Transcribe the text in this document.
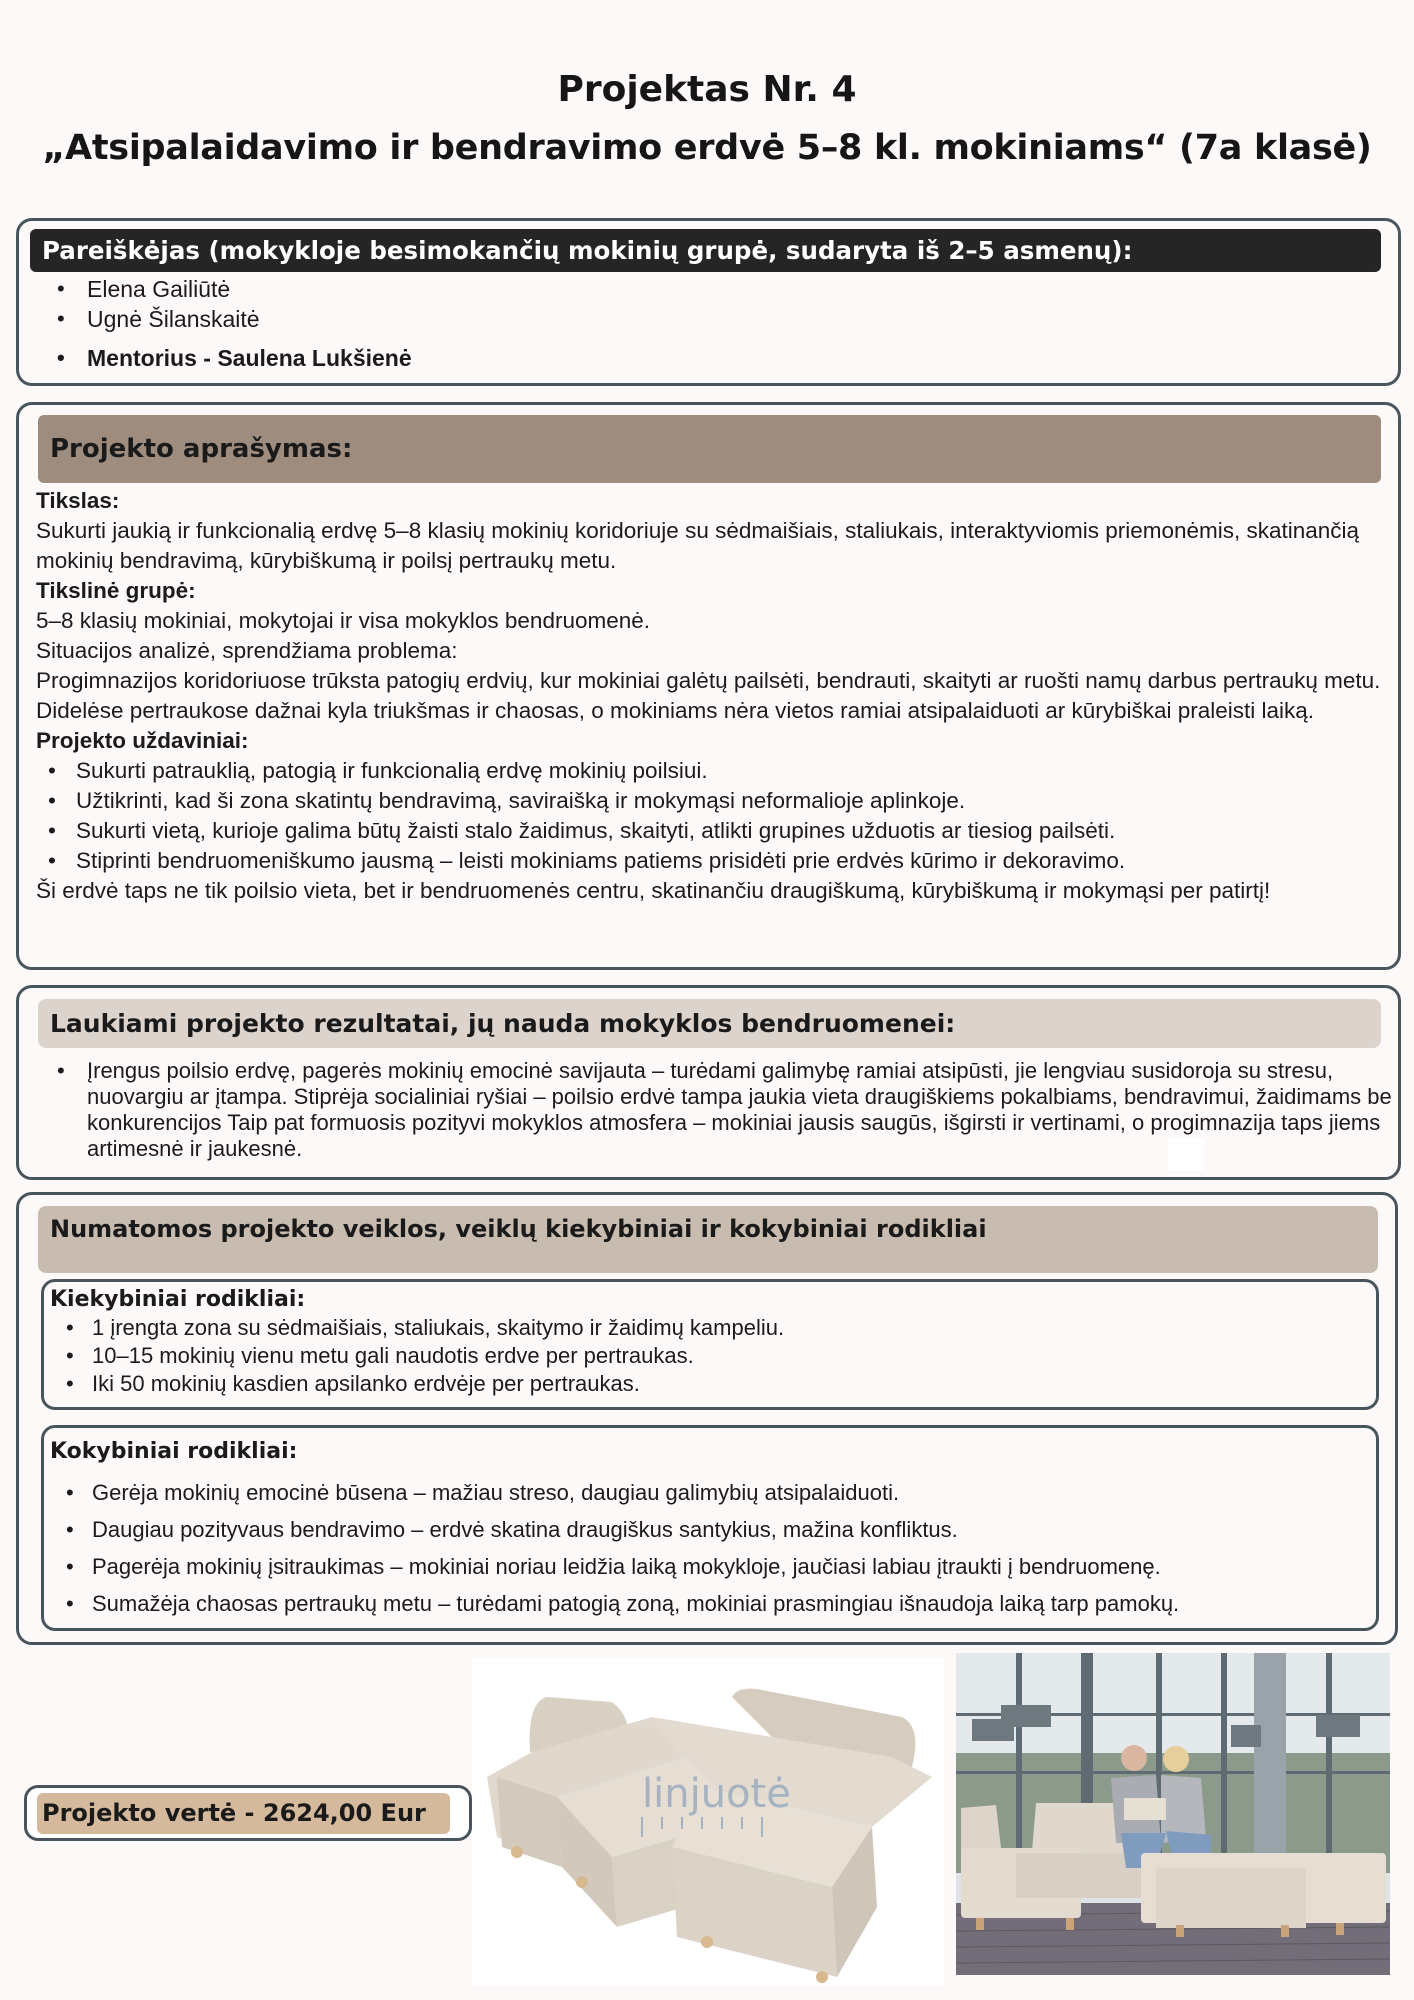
Projektas Nr. 4
„Atsipalaidavimo ir bendravimo erdvė 5–8 kl. mokiniams“ (7a klasė)
Pareiškėjas (mokykloje besimokančių mokinių grupė, sudaryta iš 2–5 asmenų):
• Elena Gailiūtė
• Ugnė Šilanskaitė
• Mentorius - Saulena Lukšienė
Projekto aprašymas:
Tikslas:
Sukurti jaukią ir funkcionalią erdvę 5–8 klasių mokinių koridoriuje su sėdmaišiais, staliukais, interaktyviomis priemonėmis, skatinančią mokinių bendravimą, kūrybiškumą ir poilsį pertraukų metu.
Tikslinė grupė:
5–8 klasių mokiniai, mokytojai ir visa mokyklos bendruomenė.
Situacijos analizė, sprendžiama problema:
Progimnazijos koridoriuose trūksta patogių erdvių, kur mokiniai galėtų pailsėti, bendrauti, skaityti ar ruošti namų darbus pertraukų metu. Didelėse pertraukose dažnai kyla triukšmas ir chaosas, o mokiniams nėra vietos ramiai atsipalaiduoti ar kūrybiškai praleisti laiką.
Projekto uždaviniai:
• Sukurti patrauklią, patogią ir funkcionalią erdvę mokinių poilsiui.
• Užtikrinti, kad ši zona skatintų bendravimą, saviraišką ir mokymąsi neformalioje aplinkoje.
• Sukurti vietą, kurioje galima būtų žaisti stalo žaidimus, skaityti, atlikti grupines užduotis ar tiesiog pailsėti.
• Stiprinti bendruomeniškumo jausmą – leisti mokiniams patiems prisidėti prie erdvės kūrimo ir dekoravimo.
Ši erdvė taps ne tik poilsio vieta, bet ir bendruomenės centru, skatinančiu draugiškumą, kūrybiškumą ir mokymąsi per patirtį!
Laukiami projekto rezultatai, jų nauda mokyklos bendruomenei:
• Įrengus poilsio erdvę, pagerės mokinių emocinė savijauta – turėdami galimybę ramiai atsipūsti, jie lengviau susidoroja su stresu, nuovargiu ar įtampa. Stiprėja socialiniai ryšiai – poilsio erdvė tampa jaukia vieta draugiškiems pokalbiams, bendravimui, žaidimams be konkurencijos Taip pat formuosis pozityvi mokyklos atmosfera – mokiniai jausis saugūs, išgirsti ir vertinami, o progimnazija taps jiems artimesnė ir jaukesnė.
Numatomos projekto veiklos, veiklų kiekybiniai ir kokybiniai rodikliai
Kiekybiniai rodikliai:
• 1 įrengta zona su sėdmaišiais, staliukais, skaitymo ir žaidimų kampeliu.
• 10–15 mokinių vienu metu gali naudotis erdve per pertraukas.
• Iki 50 mokinių kasdien apsilanko erdvėje per pertraukas.
Kokybiniai rodikliai:
• Gerėja mokinių emocinė būsena – mažiau streso, daugiau galimybių atsipalaiduoti.
• Daugiau pozityvaus bendravimo – erdvė skatina draugiškus santykius, mažina konfliktus.
• Pagerėja mokinių įsitraukimas – mokiniai noriau leidžia laiką mokykloje, jaučiasi labiau įtraukti į bendruomenę.
• Sumažėja chaosas pertraukų metu – turėdami patogią zoną, mokiniai prasmingiau išnaudoja laiką tarp pamokų.
Projekto vertė - 2624,00 Eur	linjuotė
